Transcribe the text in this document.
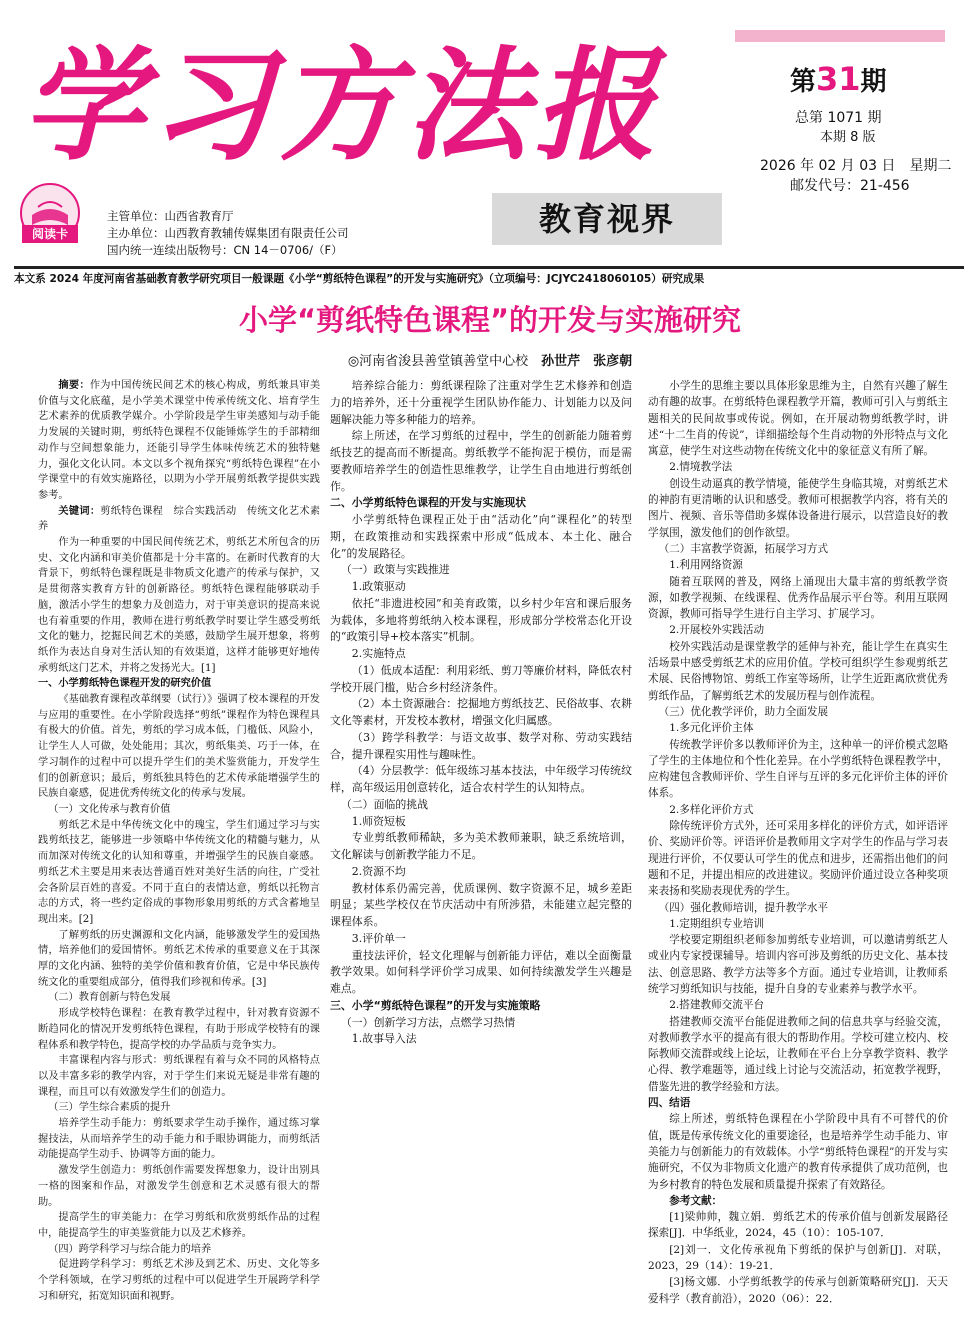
学习方法报	第31期
总第 1071 期
本期 8 版
2026 年 02 月 03 日　星期二
邮发代号：21-456
阅读卡
主管单位：山西省教育厅
主办单位：山西教育教辅传媒集团有限责任公司
国内统一连续出版物号：CN 14－0706/（F）
教育视界
本文系 2024 年度河南省基础教育教学研究项目一般课题《小学“剪纸特色课程”的开发与实施研究》（立项编号：JCJYC2418060105）研究成果
小学“剪纸特色课程”的开发与实施研究
◎河南省浚县善堂镇善堂中心校　 孙世芹　张彦朝

摘要：作为中国传统民间艺术的核心构成，剪纸兼具审美价值与文化底蕴，是小学美术课堂中传承传统文化、培育学生艺术素养的优质教学媒介。小学阶段是学生审美感知与动手能力发展的关键时期，剪纸特色课程不仅能锤炼学生的手部精细动作与空间想象能力，还能引导学生体味传统艺术的独特魅力，强化文化认同。本文以多个视角探究“剪纸特色课程”在小学课堂中的有效实施路径，以期为小学开展剪纸教学提供实践参考。

关键词：剪纸特色课程　综合实践活动　传统文化艺术素养

作为一种重要的中国民间传统艺术，剪纸艺术所包含的历史、文化内涵和审美价值都是十分丰富的。在新时代教育的大背景下，剪纸特色课程既是非物质文化遗产的传承与保护，又是贯彻落实教育方针的创新路径。剪纸特色课程能够联动手脑，激活小学生的想象力及创造力，对于审美意识的提高来说也有着重要的作用，教师在进行剪纸教学时要让学生感受剪纸文化的魅力，挖掘民间艺术的美感，鼓励学生展开想象，将剪纸作为表达自身对生活认知的有效渠道，这样才能够更好地传承剪纸这门艺术，并将之发扬光大。[1]

一、小学剪纸特色课程开发的研究价值

《基础教育课程改革纲要（试行）》强调了校本课程的开发与应用的重要性。在小学阶段选择“剪纸”课程作为特色课程具有极大的价值。首先，剪纸的学习成本低，门槛低、风险小，让学生人人可做，处处能用；其次，剪纸集美、巧于一体，在学习制作的过程中可以提升学生们的美术鉴赏能力，开发学生们的创新意识；最后，剪纸独具特色的艺术传承能增强学生的民族自豪感，促进优秀传统文化的传承与发展。

（一）文化传承与教育价值

剪纸艺术是中华传统文化中的瑰宝，学生们通过学习与实践剪纸技艺，能够进一步领略中华传统文化的精髓与魅力，从而加深对传统文化的认知和尊重，并增强学生的民族自豪感。剪纸艺术主要是用来表达普通百姓对美好生活的向往，广受社会各阶层百姓的喜爱。不同于直白的表情达意，剪纸以托物言志的方式，将一些约定俗成的事物形象用剪纸的方式含蓄地呈现出来。[2]

了解剪纸的历史渊源和文化内涵，能够激发学生的爱国热情，培养他们的爱国情怀。剪纸艺术传承的重要意义在于其深厚的文化内涵、独特的美学价值和教育价值，它是中华民族传统文化的重要组成部分，值得我们珍视和传承。[3]

（二）教育创新与特色发展

形成学校特色课程：在教育教学过程中，针对教育资源不断趋同化的情况开发剪纸特色课程，有助于形成学校特有的课程体系和教学特色，提高学校的办学品质与竞争实力。

丰富课程内容与形式：剪纸课程有着与众不同的风格特点以及丰富多彩的教学内容，对于学生们来说无疑是非常有趣的课程，而且可以有效激发学生们的创造力。

（三）学生综合素质的提升

培养学生动手能力：剪纸要求学生动手操作，通过练习掌握技法，从而培养学生的动手能力和手眼协调能力，而剪纸活动能提高学生动手、协调等方面的能力。

激发学生创造力：剪纸创作需要发挥想象力，设计出别具一格的图案和作品，对激发学生创意和艺术灵感有很大的帮助。

提高学生的审美能力：在学习剪纸和欣赏剪纸作品的过程中，能提高学生的审美鉴赏能力以及艺术修养。

（四）跨学科学习与综合能力的培养

促进跨学科学习：剪纸艺术涉及到艺术、历史、文化等多个学科领域，在学习剪纸的过程中可以促进学生开展跨学科学习和研究，拓宽知识面和视野。

培养综合能力：剪纸课程除了注重对学生艺术修养和创造力的培养外，还十分重视学生团队协作能力、计划能力以及问题解决能力等多种能力的培养。

综上所述，在学习剪纸的过程中，学生的创新能力随着剪纸技艺的提高而不断提高。剪纸教学不能拘泥于模仿，而是需要教师培养学生的创造性思维教学，让学生自由地进行剪纸创作。

二、小学剪纸特色课程的开发与实施现状

小学剪纸特色课程正处于由“活动化”向“课程化”的转型期，在政策推动和实践探索中形成“低成本、本土化、融合化”的发展路径。

（一）政策与实践推进

1.政策驱动

依托“非遗进校园”和美育政策，以乡村少年宫和课后服务为载体，多地将剪纸纳入校本课程，形成部分学校常态化开设的“政策引导+校本落实”机制。

2.实施特点

（1）低成本适配：利用彩纸、剪刀等廉价材料，降低农村学校开展门槛，贴合乡村经济条件。

（2）本土资源融合：挖掘地方剪纸技艺、民俗故事、农耕文化等素材，开发校本教材，增强文化归属感。

（3）跨学科教学：与语文故事、数学对称、劳动实践结合，提升课程实用性与趣味性。

（4）分层教学：低年级练习基本技法，中年级学习传统纹样，高年级运用创意转化，适合农村学生的认知特点。

（二）面临的挑战

1.师资短板

专业剪纸教师稀缺，多为美术教师兼职，缺乏系统培训，文化解读与创新教学能力不足。

2.资源不均

教材体系仍需完善，优质课例、数字资源不足，城乡差距明显；某些学校仅在节庆活动中有所涉猎，未能建立起完整的课程体系。

3.评价单一

重技法评价，轻文化理解与创新能力评估，难以全面衡量教学效果。如何科学评价学习成果、如何持续激发学生兴趣是难点。

三、小学“剪纸特色课程”的开发与实施策略

（一）创新学习方法，点燃学习热情

1.故事导入法

小学生的思维主要以具体形象思维为主，自然有兴趣了解生动有趣的故事。在剪纸特色课程教学开篇，教师可引入与剪纸主题相关的民间故事或传说。例如，在开展动物剪纸教学时，讲述“十二生肖的传说”，详细描绘每个生肖动物的外形特点与文化寓意，使学生对这些动物在传统文化中的象征意义有所了解。

2.情境教学法

创设生动逼真的教学情境，能使学生身临其境，对剪纸艺术的神韵有更清晰的认识和感受。教师可根据教学内容，将有关的图片、视频、音乐等借助多媒体设备进行展示，以营造良好的教学氛围，激发他们的创作欲望。

（二）丰富教学资源，拓展学习方式

1.利用网络资源

随着互联网的普及，网络上涌现出大量丰富的剪纸教学资源，如教学视频、在线课程、优秀作品展示平台等。利用互联网资源，教师可指导学生进行自主学习、扩展学习。

2.开展校外实践活动

校外实践活动是课堂教学的延伸与补充，能让学生在真实生活场景中感受剪纸艺术的应用价值。学校可组织学生参观剪纸艺术展、民俗博物馆、剪纸工作室等场所，让学生近距离欣赏优秀剪纸作品，了解剪纸艺术的发展历程与创作流程。

（三）优化教学评价，助力全面发展

1.多元化评价主体

传统教学评价多以教师评价为主，这种单一的评价模式忽略了学生的主体地位和个性化差异。在小学剪纸特色课程教学中，应构建包含教师评价、学生自评与互评的多元化评价主体的评价体系。

2.多样化评价方式

除传统评价方式外，还可采用多样化的评价方式，如评语评价、奖励评价等。评语评价是教师用文字对学生的作品与学习表现进行评价，不仅要认可学生的优点和进步，还需指出他们的问题和不足，并提出相应的改进建议。奖励评价通过设立各种奖项来表扬和奖励表现优秀的学生。

（四）强化教师培训，提升教学水平

1.定期组织专业培训

学校要定期组织老师参加剪纸专业培训，可以邀请剪纸艺人或业内专家授课辅导。培训内容可涉及剪纸的历史文化、基本技法、创意思路、教学方法等多个方面。通过专业培训，让教师系统学习剪纸知识与技能，提升自身的专业素养与教学水平。

2.搭建教师交流平台

搭建教师交流平台能促进教师之间的信息共享与经验交流，对教师教学水平的提高有很大的帮助作用。学校可建立校内、校际教师交流群或线上论坛，让教师在平台上分享教学资料、教学心得、教学难题等，通过线上讨论与交流活动，拓宽教学视野，借鉴先进的教学经验和方法。

四、结语

综上所述，剪纸特色课程在小学阶段中具有不可替代的价值，既是传承传统文化的重要途径，也是培养学生动手能力、审美能力与创新能力的有效载体。小学“剪纸特色课程”的开发与实施研究，不仅为非物质文化遗产的教育传承提供了成功范例，也为乡村教育的特色发展和质量提升探索了有效路径。

参考文献：

[1]梁帅帅，魏立娟．剪纸艺术的传承价值与创新发展路径探索[J]．中华纸业，2024，45（10）：105-107．

[2]刘一．文化传承视角下剪纸的保护与创新[J]．对联，2023，29（14）：19-21．

[3]杨文娜．小学剪纸教学的传承与创新策略研究[J]．天天爱科学（教育前沿），2020（06）：22．
